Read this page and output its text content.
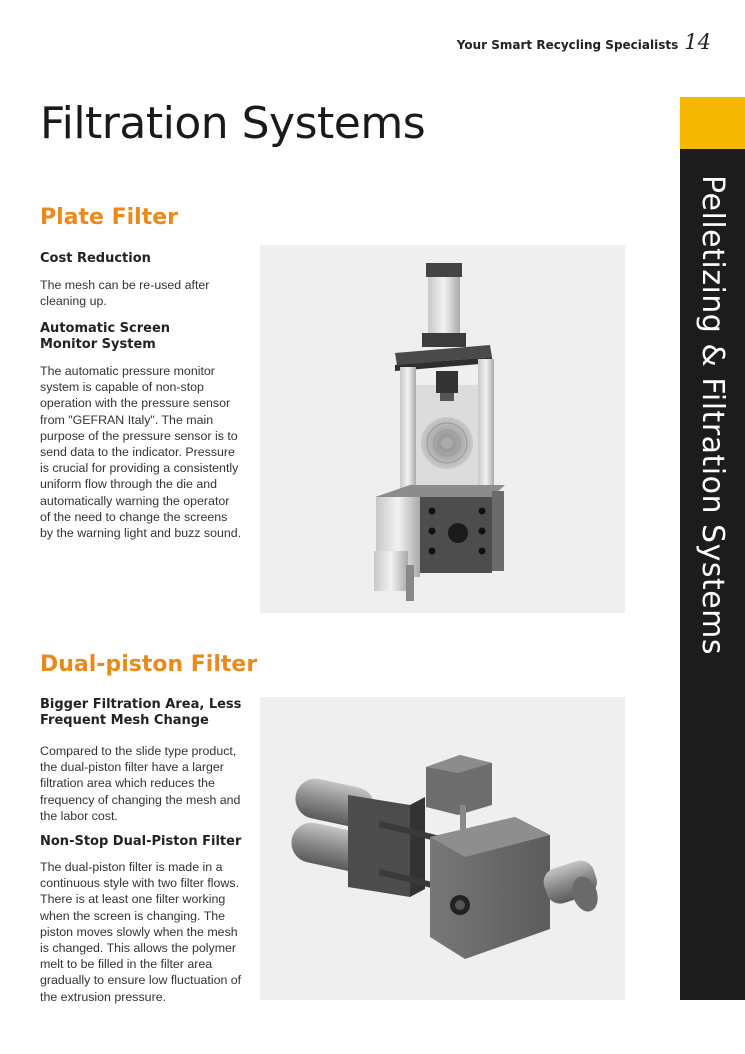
Your Smart Recycling Specialists 14
Filtration Systems
Pelletizing & Filtration Systems
Plate Filter
Cost Reduction

The mesh can be re-used after cleaning up.

Automatic Screen Monitor System

The automatic pressure monitor system is capable of non-stop operation with the pressure sensor from "GEFRAN Italy". The main purpose of the pressure sensor is to send data to the indicator. Pressure is crucial for providing a consistently uniform flow through the die and automatically warning the operator of the need to change the screens by the warning light and buzz sound.

Dual-piston Filter
Bigger Filtration Area, Less Frequent Mesh Change

Compared to the slide type product, the dual-piston filter have a larger filtration area which reduces the frequency of changing the mesh and the labor cost.

Non-Stop Dual-Piston Filter

The dual-piston filter is made in a continuous style with two filter flows. There is at least one filter working when the screen is changing. The piston moves slowly when the mesh is changed. This allows the polymer melt to be filled in the filter area gradually to ensure low fluctuation of the extrusion pressure.
